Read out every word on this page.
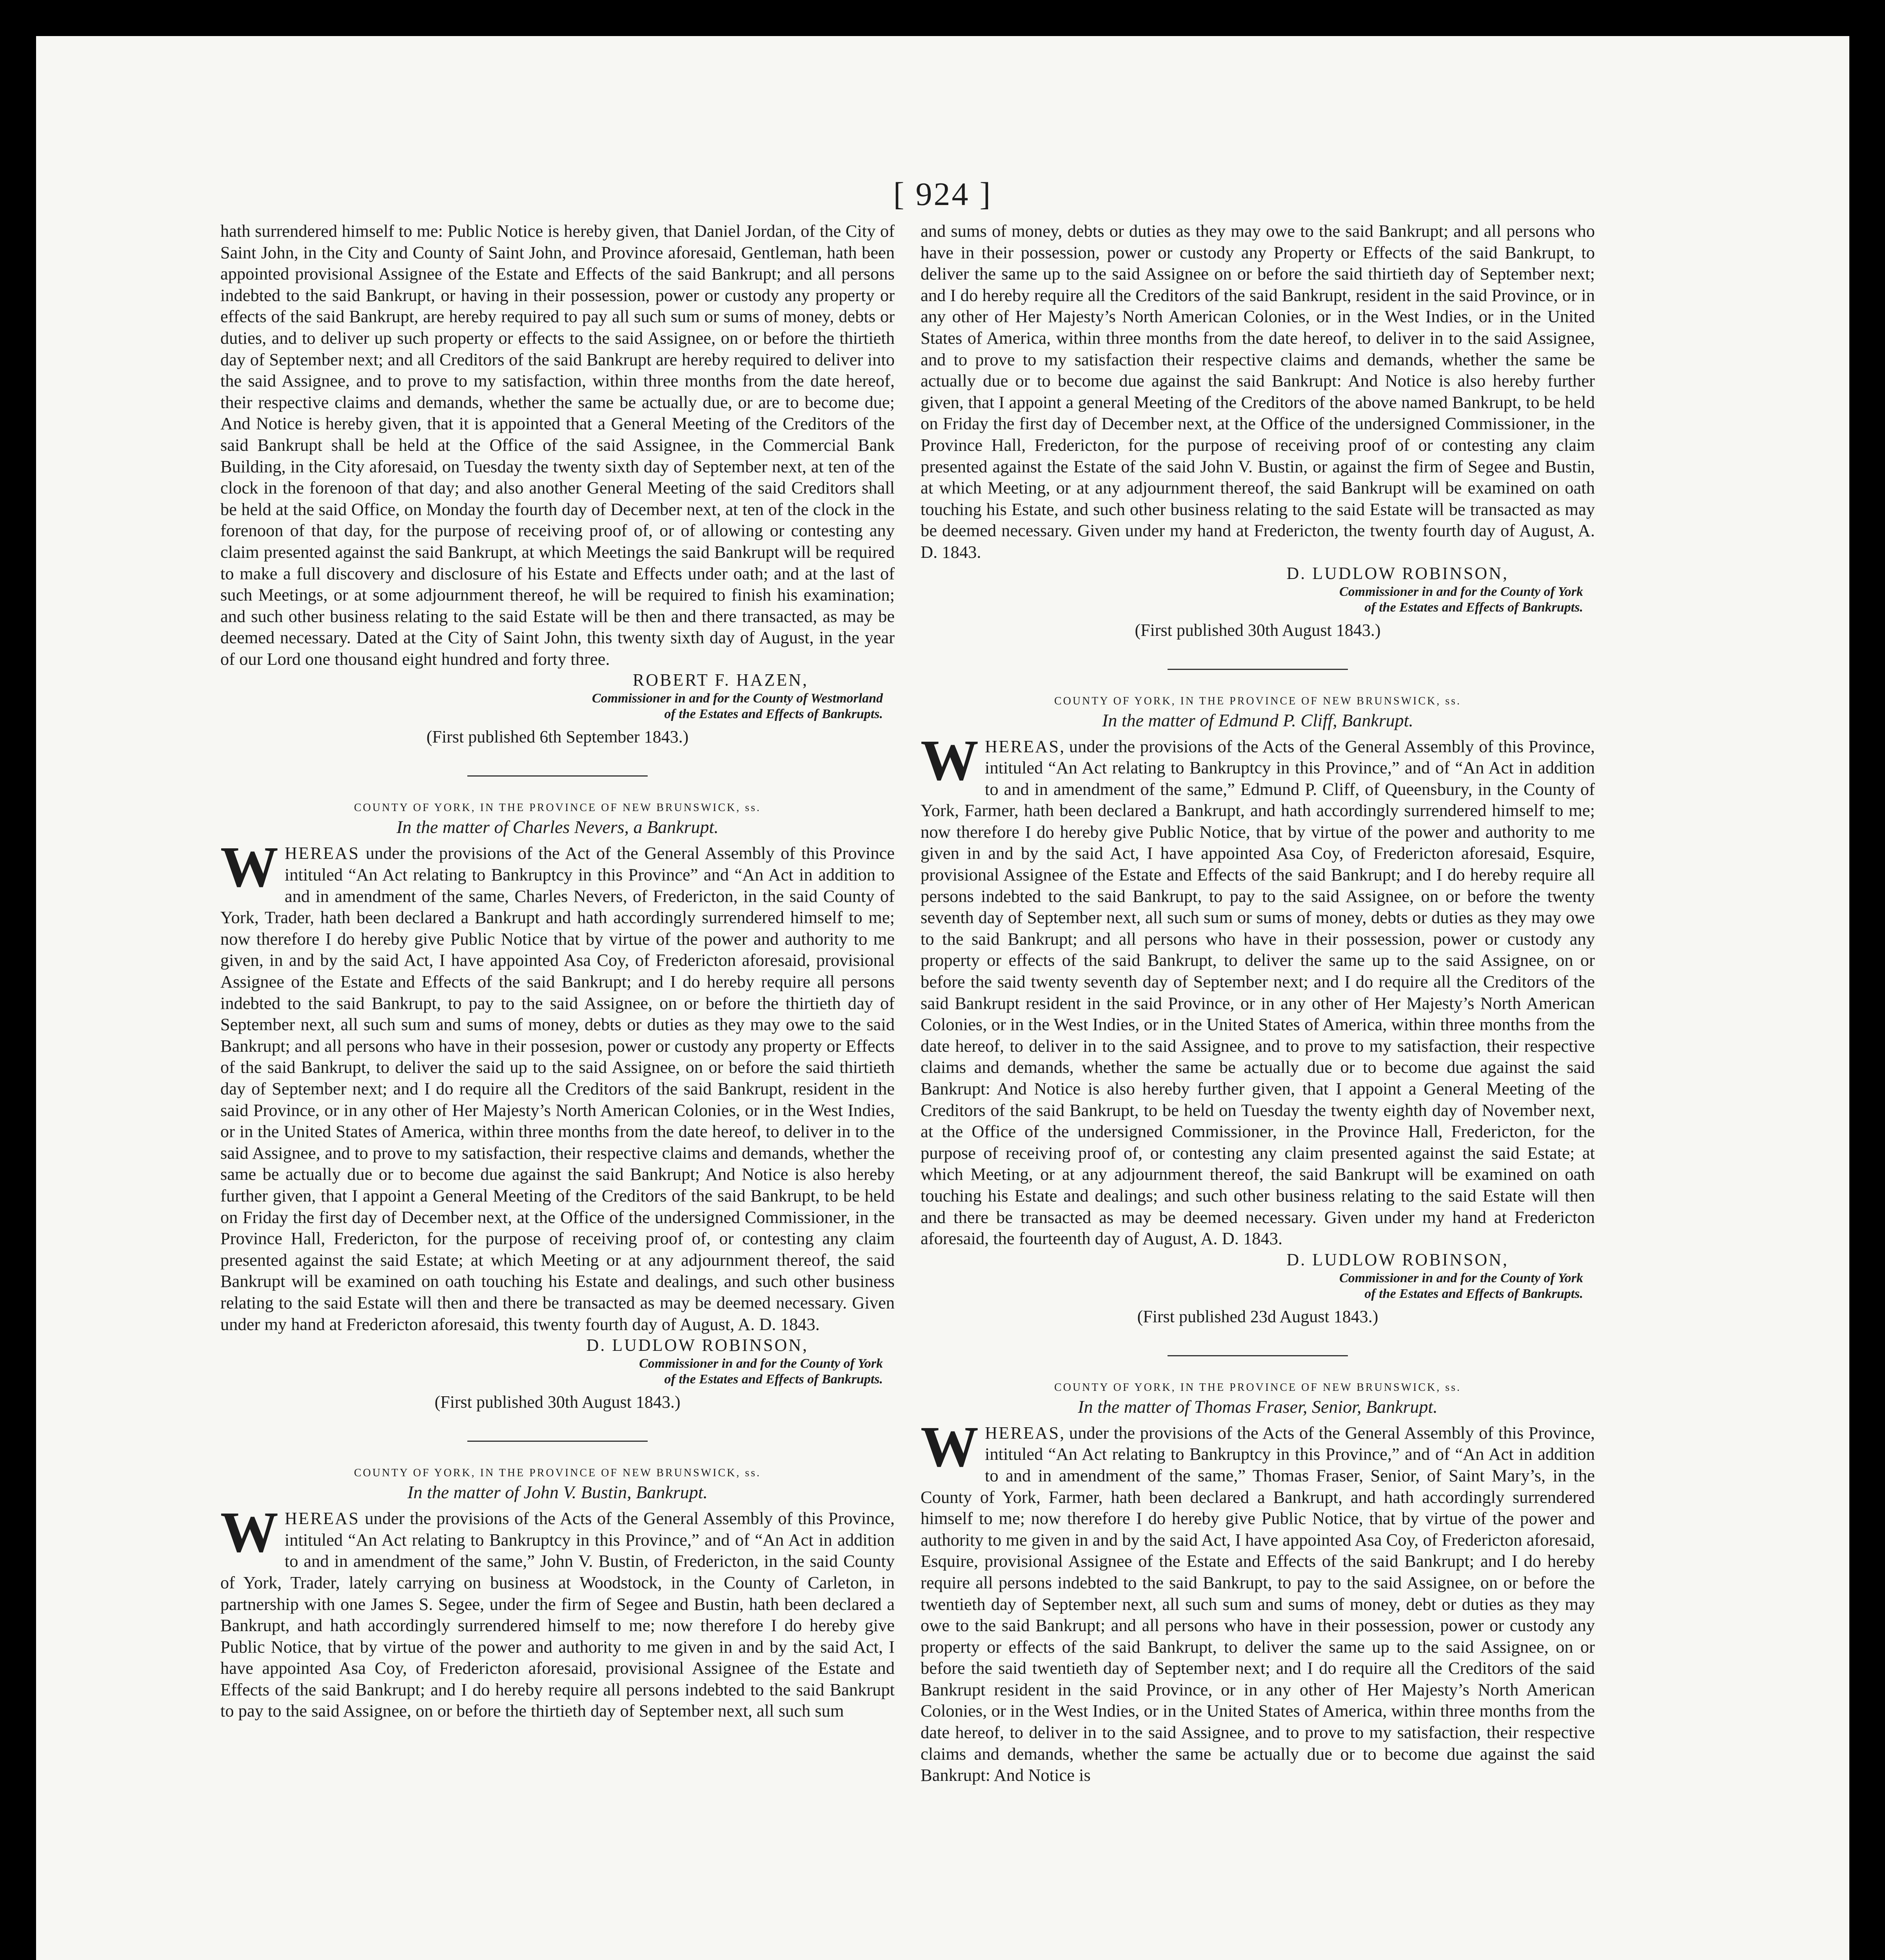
[ 924 ]

hath surrendered himself to me: Public Notice is hereby given, that Daniel Jordan, of the City of Saint John, in the City and County of Saint John, and Province aforesaid, Gentleman, hath been appointed provisional Assignee of the Estate and Effects of the said Bankrupt; and all persons indebted to the said Bankrupt, or having in their possession, power or custody any property or effects of the said Bankrupt, are hereby required to pay all such sum or sums of money, debts or duties, and to deliver up such property or effects to the said Assignee, on or before the thirtieth day of September next; and all Creditors of the said Bankrupt are hereby required to deliver into the said Assignee, and to prove to my satisfaction, within three months from the date hereof, their respective claims and demands, whether the same be actually due, or are to become due; And Notice is hereby given, that it is appointed that a General Meeting of the Creditors of the said Bankrupt shall be held at the Office of the said Assignee, in the Commercial Bank Building, in the City aforesaid, on Tuesday the twenty sixth day of September next, at ten of the clock in the forenoon of that day; and also another General Meeting of the said Creditors shall be held at the said Office, on Monday the fourth day of December next, at ten of the clock in the forenoon of that day, for the purpose of receiving proof of, or of allowing or contesting any claim presented against the said Bankrupt, at which Meetings the said Bankrupt will be required to make a full discovery and disclosure of his Estate and Effects under oath; and at the last of such Meetings, or at some adjournment thereof, he will be required to finish his examination; and such other business relating to the said Estate will be then and there transacted, as may be deemed necessary. Dated at the City of Saint John, this twenty sixth day of August, in the year of our Lord one thousand eight hundred and forty three.

ROBERT F. HAZEN,

Commissioner in and for the County of Westmorland

of the Estates and Effects of Bankrupts.

(First published 6th September 1843.)

COUNTY OF YORK, IN THE PROVINCE OF NEW BRUNSWICK, ss.

In the matter of Charles Nevers, a Bankrupt.

WHEREAS under the provisions of the Act of the General Assembly of this Province intituled “An Act relating to Bankruptcy in this Province” and “An Act in addition to and in amendment of the same, Charles Nevers, of Fredericton, in the said County of York, Trader, hath been declared a Bankrupt and hath accordingly surrendered himself to me; now therefore I do hereby give Public Notice that by virtue of the power and authority to me given, in and by the said Act, I have appointed Asa Coy, of Fredericton aforesaid, provisional Assignee of the Estate and Effects of the said Bankrupt; and I do hereby require all persons indebted to the said Bankrupt, to pay to the said Assignee, on or before the thirtieth day of September next, all such sum and sums of money, debts or duties as they may owe to the said Bankrupt; and all persons who have in their possesion, power or custody any property or Effects of the said Bankrupt, to deliver the said up to the said Assignee, on or before the said thirtieth day of September next; and I do require all the Creditors of the said Bankrupt, resident in the said Province, or in any other of Her Majesty’s North American Colonies, or in the West Indies, or in the United States of America, within three months from the date hereof, to deliver in to the said Assignee, and to prove to my satisfaction, their respective claims and demands, whether the same be actually due or to become due against the said Bankrupt; And Notice is also hereby further given, that I appoint a General Meeting of the Creditors of the said Bankrupt, to be held on Friday the first day of December next, at the Office of the undersigned Commissioner, in the Province Hall, Fredericton, for the purpose of receiving proof of, or contesting any claim presented against the said Estate; at which Meeting or at any adjournment thereof, the said Bankrupt will be examined on oath touching his Estate and dealings, and such other business relating to the said Estate will then and there be transacted as may be deemed necessary. Given under my hand at Fredericton aforesaid, this twenty fourth day of August, A. D. 1843.

D. LUDLOW ROBINSON,

Commissioner in and for the County of York

of the Estates and Effects of Bankrupts.

(First published 30th August 1843.)

COUNTY OF YORK, IN THE PROVINCE OF NEW BRUNSWICK, ss.

In the matter of John V. Bustin, Bankrupt.

WHEREAS under the provisions of the Acts of the General Assembly of this Province, intituled “An Act relating to Bankruptcy in this Province,” and of “An Act in addition to and in amendment of the same,” John V. Bustin, of Fredericton, in the said County of York, Trader, lately carrying on business at Woodstock, in the County of Carleton, in partnership with one James S. Segee, under the firm of Segee and Bustin, hath been declared a Bankrupt, and hath accordingly surrendered himself to me; now therefore I do hereby give Public Notice, that by virtue of the power and authority to me given in and by the said Act, I have appointed Asa Coy, of Fredericton aforesaid, provisional Assignee of the Estate and Effects of the said Bankrupt; and I do hereby require all persons indebted to the said Bankrupt to pay to the said Assignee, on or before the thirtieth day of September next, all such sum

and sums of money, debts or duties as they may owe to the said Bankrupt; and all persons who have in their possession, power or custody any Property or Effects of the said Bankrupt, to deliver the same up to the said Assignee on or before the said thirtieth day of September next; and I do hereby require all the Creditors of the said Bankrupt, resident in the said Province, or in any other of Her Majesty’s North American Colonies, or in the West Indies, or in the United States of America, within three months from the date hereof, to deliver in to the said Assignee, and to prove to my satisfaction their respective claims and demands, whether the same be actually due or to become due against the said Bankrupt: And Notice is also hereby further given, that I appoint a general Meeting of the Creditors of the above named Bankrupt, to be held on Friday the first day of December next, at the Office of the undersigned Commissioner, in the Province Hall, Fredericton, for the purpose of receiving proof of or contesting any claim presented against the Estate of the said John V. Bustin, or against the firm of Segee and Bustin, at which Meeting, or at any adjournment thereof, the said Bankrupt will be examined on oath touching his Estate, and such other business relating to the said Estate will be transacted as may be deemed necessary. Given under my hand at Fredericton, the twenty fourth day of August, A. D. 1843.

D. LUDLOW ROBINSON,

Commissioner in and for the County of York

of the Estates and Effects of Bankrupts.

(First published 30th August 1843.)

COUNTY OF YORK, IN THE PROVINCE OF NEW BRUNSWICK, ss.

In the matter of Edmund P. Cliff, Bankrupt.

WHEREAS, under the provisions of the Acts of the General Assembly of this Province, intituled “An Act relating to Bankruptcy in this Province,” and of “An Act in addition to and in amendment of the same,” Edmund P. Cliff, of Queensbury, in the County of York, Farmer, hath been declared a Bankrupt, and hath accordingly surrendered himself to me; now therefore I do hereby give Public Notice, that by virtue of the power and authority to me given in and by the said Act, I have appointed Asa Coy, of Fredericton aforesaid, Esquire, provisional Assignee of the Estate and Effects of the said Bankrupt; and I do hereby require all persons indebted to the said Bankrupt, to pay to the said Assignee, on or before the twenty seventh day of September next, all such sum or sums of money, debts or duties as they may owe to the said Bankrupt; and all persons who have in their possession, power or custody any property or effects of the said Bankrupt, to deliver the same up to the said Assignee, on or before the said twenty seventh day of September next; and I do require all the Creditors of the said Bankrupt resident in the said Province, or in any other of Her Majesty’s North American Colonies, or in the West Indies, or in the United States of America, within three months from the date hereof, to deliver in to the said Assignee, and to prove to my satisfaction, their respective claims and demands, whether the same be actually due or to become due against the said Bankrupt: And Notice is also hereby further given, that I appoint a General Meeting of the Creditors of the said Bankrupt, to be held on Tuesday the twenty eighth day of November next, at the Office of the undersigned Commissioner, in the Province Hall, Fredericton, for the purpose of receiving proof of, or contesting any claim presented against the said Estate; at which Meeting, or at any adjournment thereof, the said Bankrupt will be examined on oath touching his Estate and dealings; and such other business relating to the said Estate will then and there be transacted as may be deemed necessary. Given under my hand at Fredericton aforesaid, the fourteenth day of August, A. D. 1843.

D. LUDLOW ROBINSON,

Commissioner in and for the County of York

of the Estates and Effects of Bankrupts.

(First published 23d August 1843.)

COUNTY OF YORK, IN THE PROVINCE OF NEW BRUNSWICK, ss.

In the matter of Thomas Fraser, Senior, Bankrupt.

WHEREAS, under the provisions of the Acts of the General Assembly of this Province, intituled “An Act relating to Bankruptcy in this Province,” and of “An Act in addition to and in amendment of the same,” Thomas Fraser, Senior, of Saint Mary’s, in the County of York, Farmer, hath been declared a Bankrupt, and hath accordingly surrendered himself to me; now therefore I do hereby give Public Notice, that by virtue of the power and authority to me given in and by the said Act, I have appointed Asa Coy, of Fredericton aforesaid, Esquire, provisional Assignee of the Estate and Effects of the said Bankrupt; and I do hereby require all persons indebted to the said Bankrupt, to pay to the said Assignee, on or before the twentieth day of September next, all such sum and sums of money, debt or duties as they may owe to the said Bankrupt; and all persons who have in their possession, power or custody any property or effects of the said Bankrupt, to deliver the same up to the said Assignee, on or before the said twentieth day of September next; and I do require all the Creditors of the said Bankrupt resident in the said Province, or in any other of Her Majesty’s North American Colonies, or in the West Indies, or in the United States of America, within three months from the date hereof, to deliver in to the said Assignee, and to prove to my satisfaction, their respective claims and demands, whether the same be actually due or to become due against the said Bankrupt: And Notice is
